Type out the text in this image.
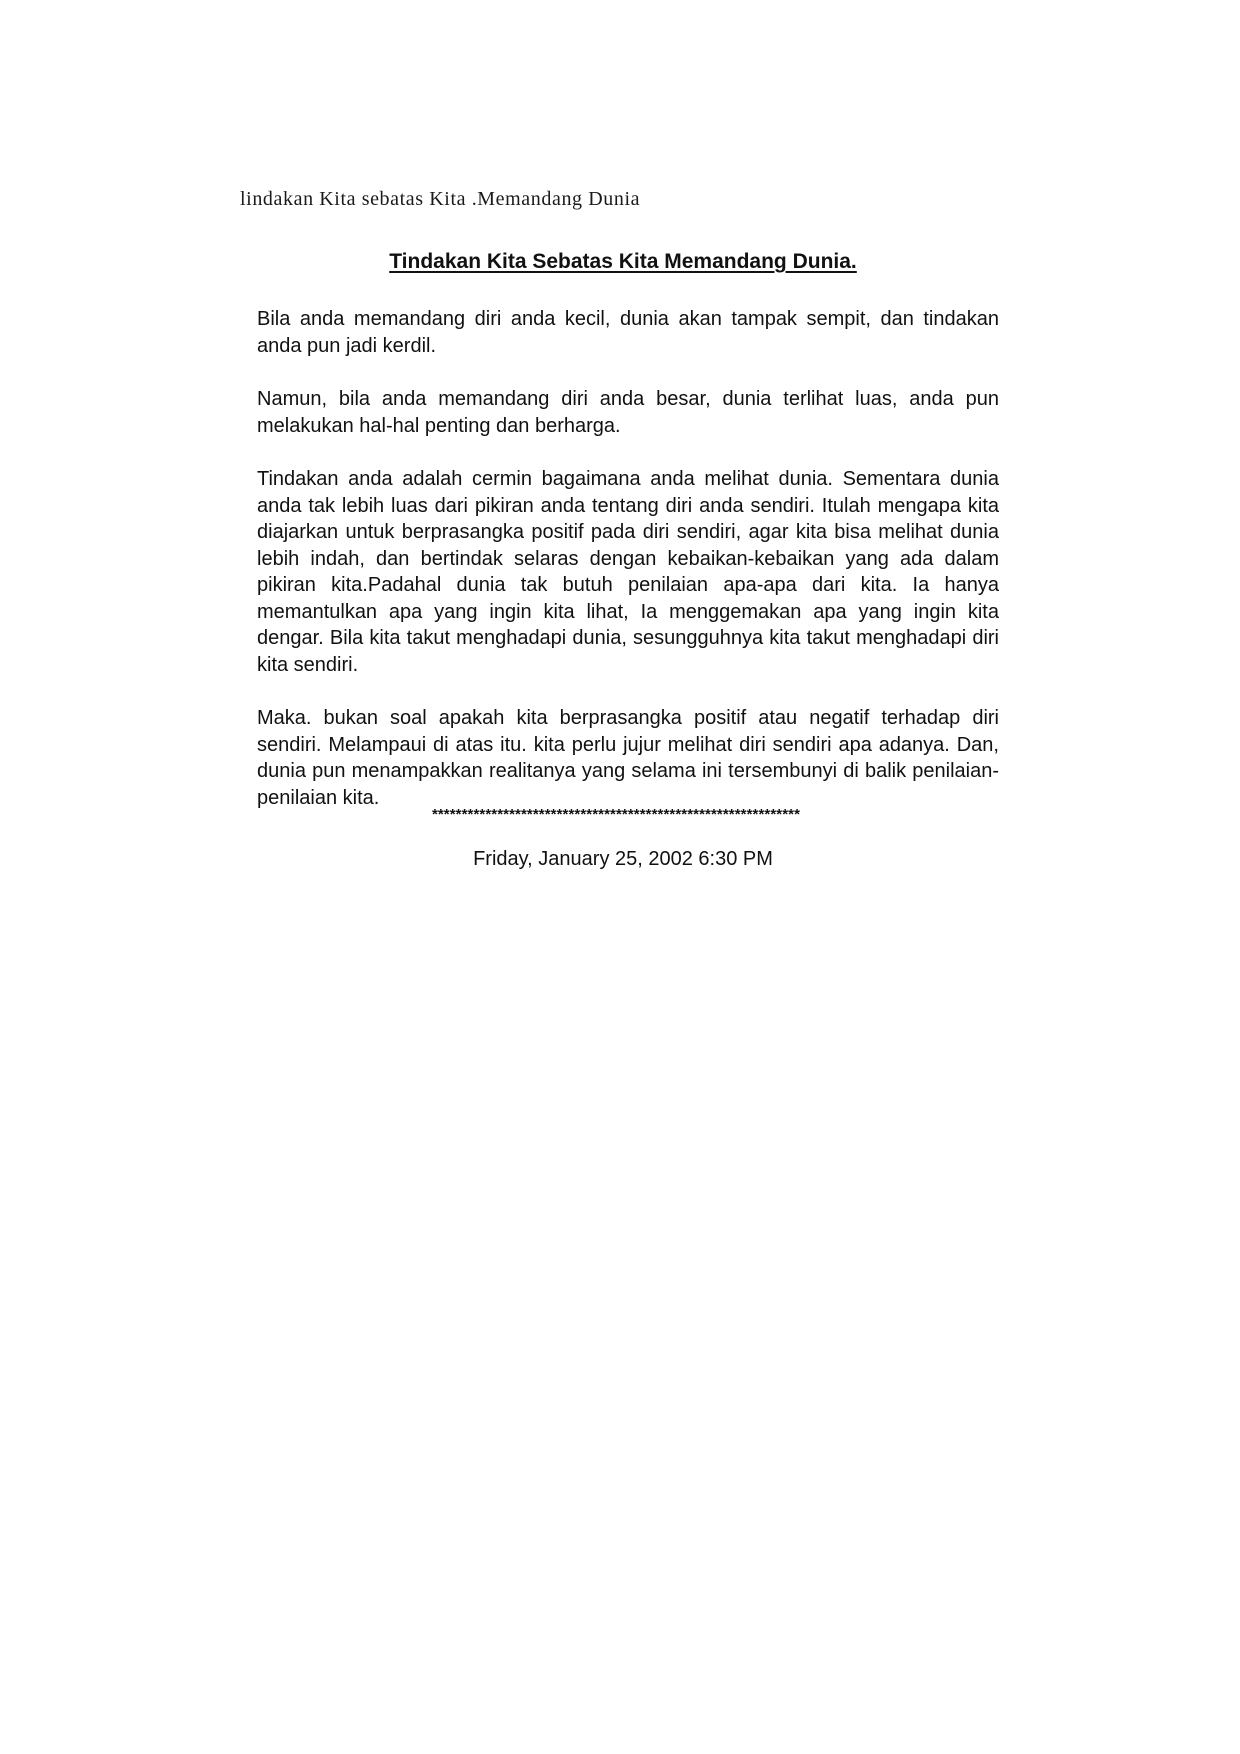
lindakan Kita sebatas Kita .Memandang Dunia
Tindakan Kita Sebatas Kita Memandang Dunia.

Bila anda memandang diri anda kecil, dunia akan tampak sempit, dan tindakan anda pun jadi kerdil.

Namun, bila anda memandang diri anda besar, dunia terlihat luas, anda pun melakukan hal-hal penting dan berharga.

Tindakan anda adalah cermin bagaimana anda melihat dunia. Sementara dunia anda tak lebih luas dari pikiran anda tentang diri anda sendiri. Itulah mengapa kita diajarkan untuk berprasangka positif pada diri sendiri, agar kita bisa melihat dunia lebih indah, dan bertindak selaras dengan kebaikan-kebaikan yang ada dalam pikiran kita.Padahal dunia tak butuh penilaian apa-apa dari kita. Ia hanya memantulkan apa yang ingin kita lihat, Ia menggemakan apa yang ingin kita dengar. Bila kita takut menghadapi dunia, sesungguhnya kita takut menghadapi diri kita sendiri.

Maka. bukan soal apakah kita berprasangka positif atau negatif terhadap diri sendiri. Melampaui di atas itu. kita perlu jujur melihat diri sendiri apa adanya. Dan, dunia pun menampakkan realitanya yang selama ini tersembunyi di balik penilaian-penilaian kita.

**************************************************************
Friday, January 25, 2002 6:30 PM
